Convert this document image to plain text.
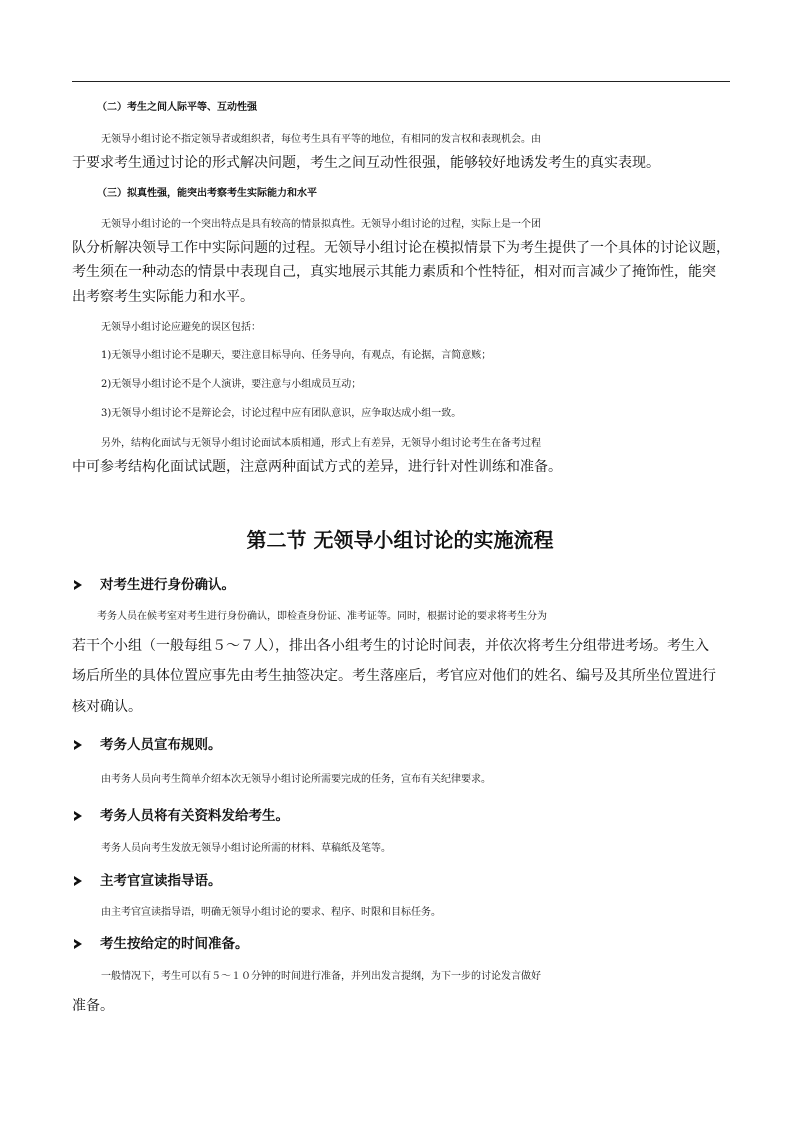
（二）考生之间人际平等、互动性强

无领导小组讨论不指定领导者或组织者，每位考生具有平等的地位，有相同的发言权和表现机会。由

于要求考生通过讨论的形式解决问题，考生之间互动性很强，能够较好地诱发考生的真实表现。

（三）拟真性强，能突出考察考生实际能力和水平

无领导小组讨论的一个突出特点是具有较高的情景拟真性。无领导小组讨论的过程，实际上是一个团

队分析解决领导工作中实际问题的过程。无领导小组讨论在模拟情景下为考生提供了一个具体的讨论议题，

考生须在一种动态的情景中表现自己，真实地展示其能力素质和个性特征，相对而言减少了掩饰性，能突

出考察考生实际能力和水平。

无领导小组讨论应避免的误区包括：

1)无领导小组讨论不是聊天，要注意目标导向、任务导向，有观点，有论据，言简意赅；

2)无领导小组讨论不是个人演讲，要注意与小组成员互动；

3)无领导小组讨论不是辩论会，讨论过程中应有团队意识，应争取达成小组一致。

另外，结构化面试与无领导小组讨论面试本质相通，形式上有差异，无领导小组讨论考生在备考过程

中可参考结构化面试试题，注意两种面试方式的差异，进行针对性训练和准备。

第二节 无领导小组讨论的实施流程
对考生进行身份确认。

考务人员在候考室对考生进行身份确认，即检查身份证、准考证等。同时，根据讨论的要求将考生分为

若干个小组（一般每组５～７人），排出各小组考生的讨论时间表，并依次将考生分组带进考场。考生入

场后所坐的具体位置应事先由考生抽签决定。考生落座后，考官应对他们的姓名、编号及其所坐位置进行

核对确认。

考务人员宣布规则。

由考务人员向考生简单介绍本次无领导小组讨论所需要完成的任务，宣布有关纪律要求。

考务人员将有关资料发给考生。

考务人员向考生发放无领导小组讨论所需的材料、草稿纸及笔等。

主考官宣读指导语。

由主考官宣读指导语，明确无领导小组讨论的要求、程序、时限和目标任务。

考生按给定的时间准备。

一般情况下，考生可以有５～１０分钟的时间进行准备，并列出发言提纲，为下一步的讨论发言做好

准备。
